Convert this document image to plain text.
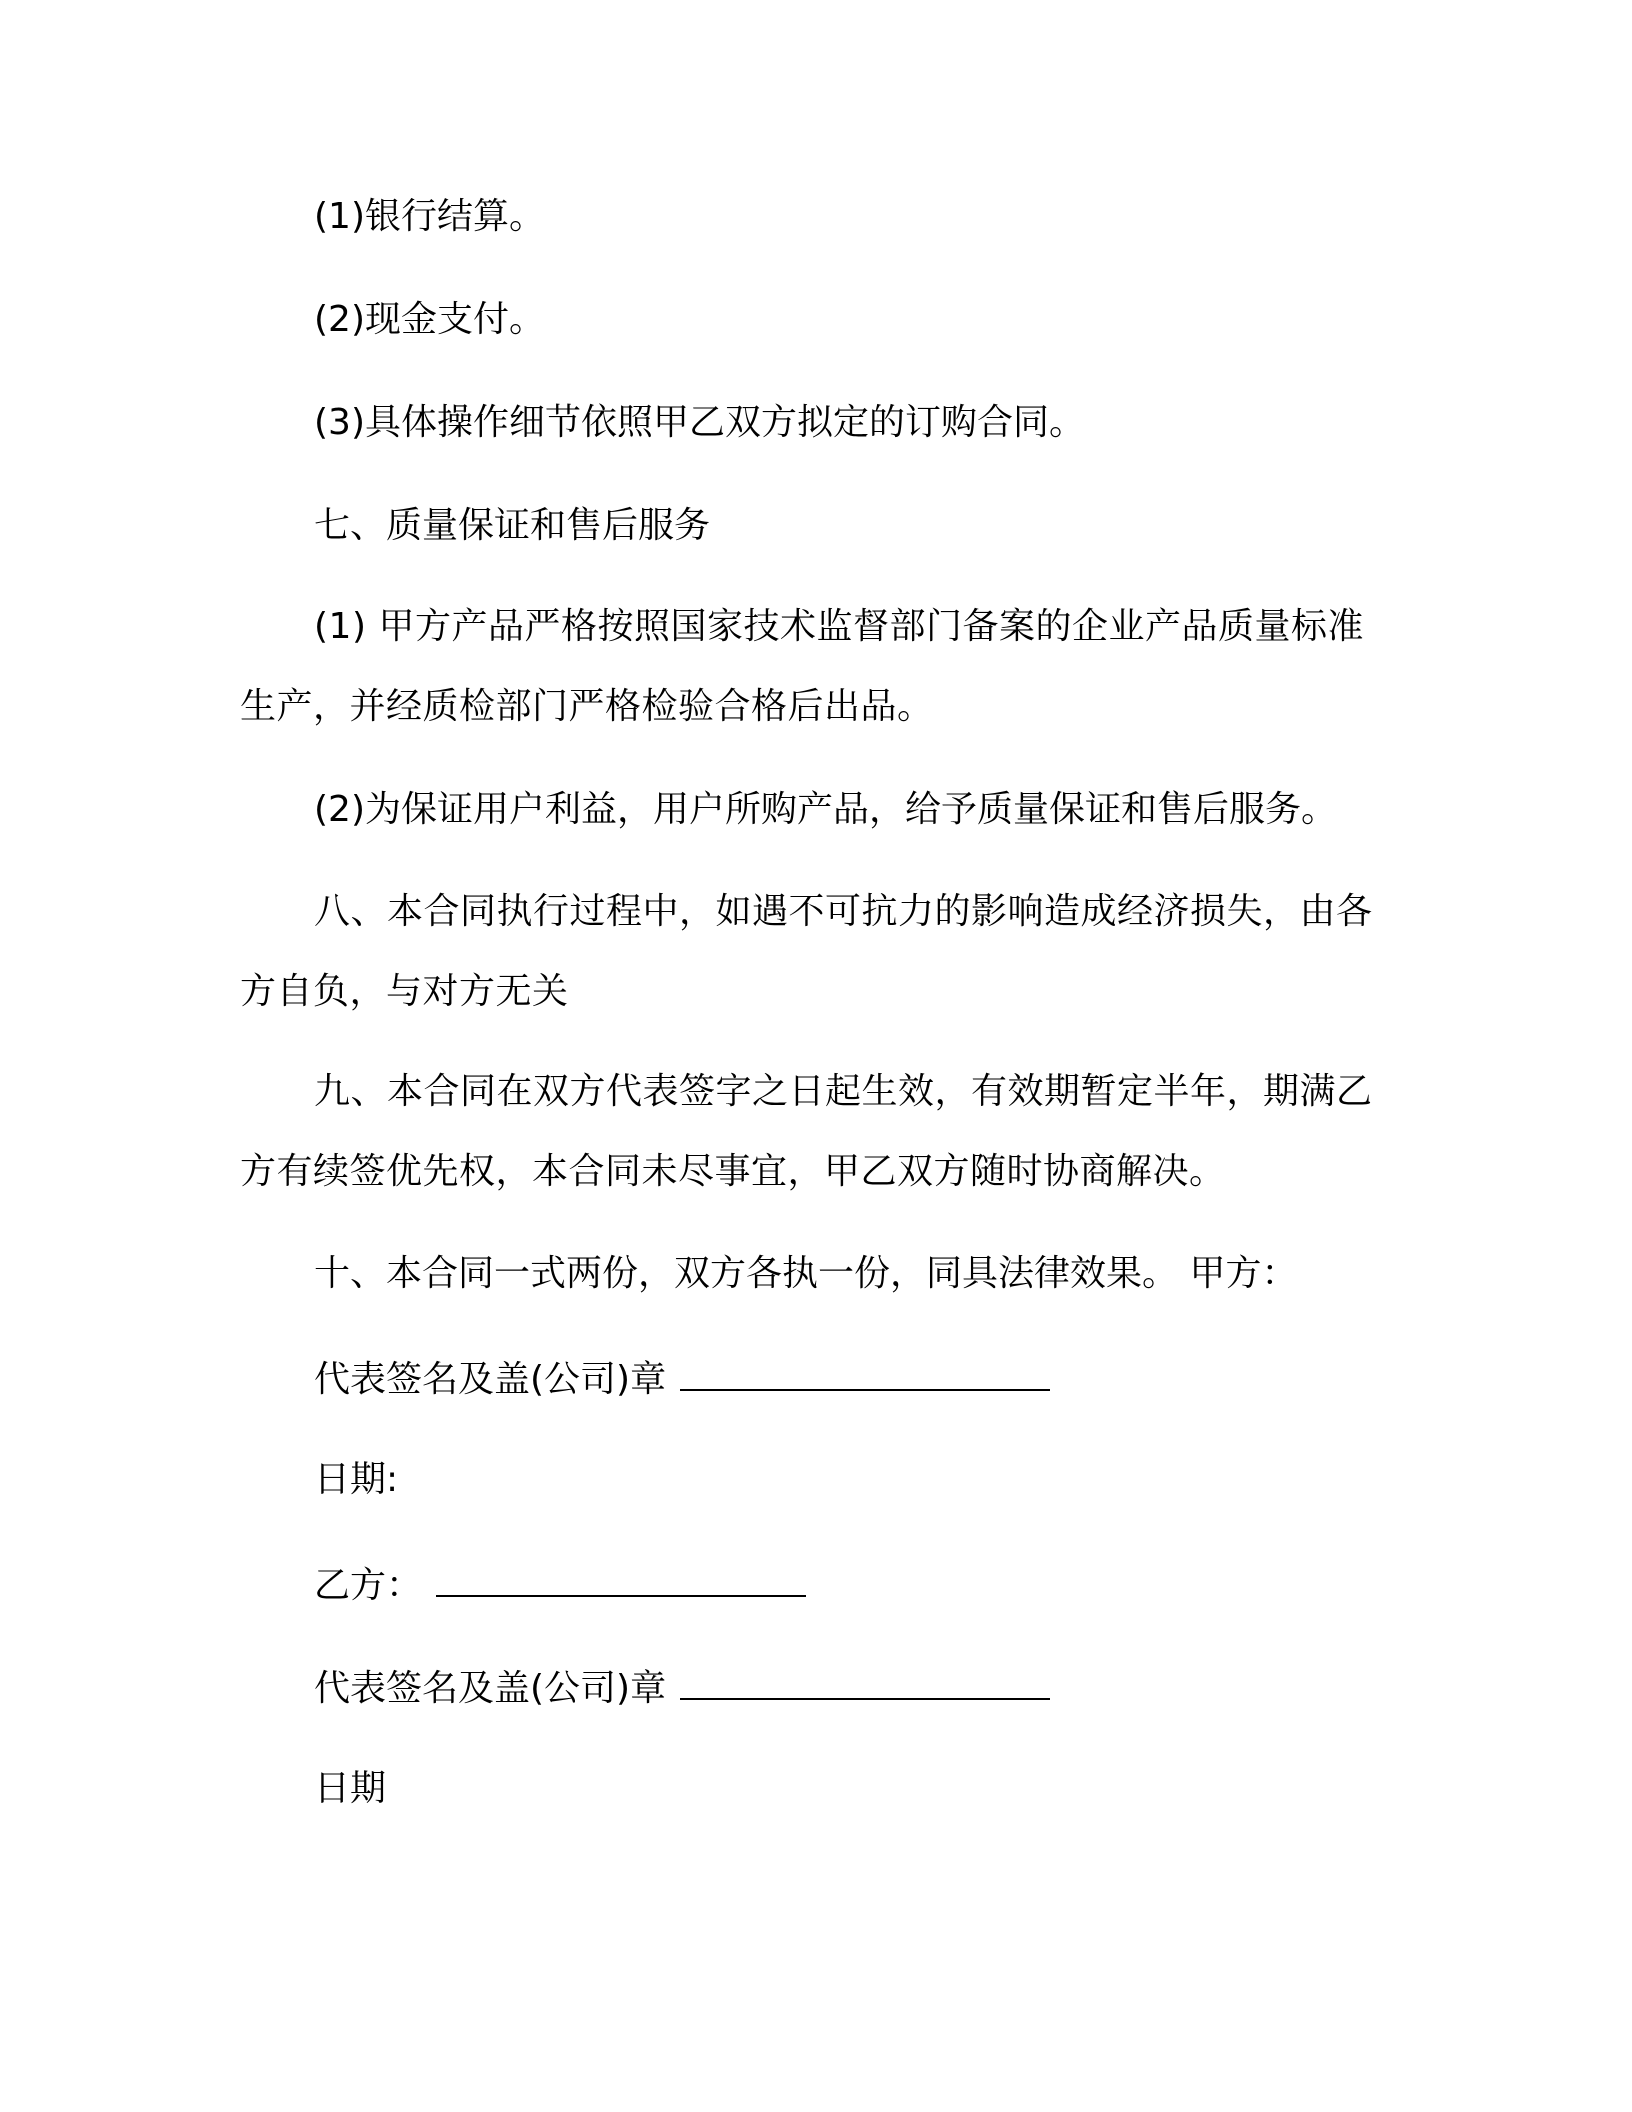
(1)银行结算。
(2)现金支付。
(3)具体操作细节依照甲乙双方拟定的订购合同。
七、质量保证和售后服务
(1) 甲方产品严格按照国家技术监督部门备案的企业产品质量标准生产，并经质检部门严格检验合格后出品。
(2)为保证用户利益，用户所购产品，给予质量保证和售后服务。
八、本合同执行过程中，如遇不可抗力的影响造成经济损失，由各方自负，与对方无关
九、本合同在双方代表签字之日起生效，有效期暂定半年，期满乙方有续签优先权，本合同未尽事宜，甲乙双方随时协商解决。
十、本合同一式两份，双方各执一份，同具法律效果。 甲方：
代表签名及盖(公司)章
日期:
乙方：
代表签名及盖(公司)章
日期
